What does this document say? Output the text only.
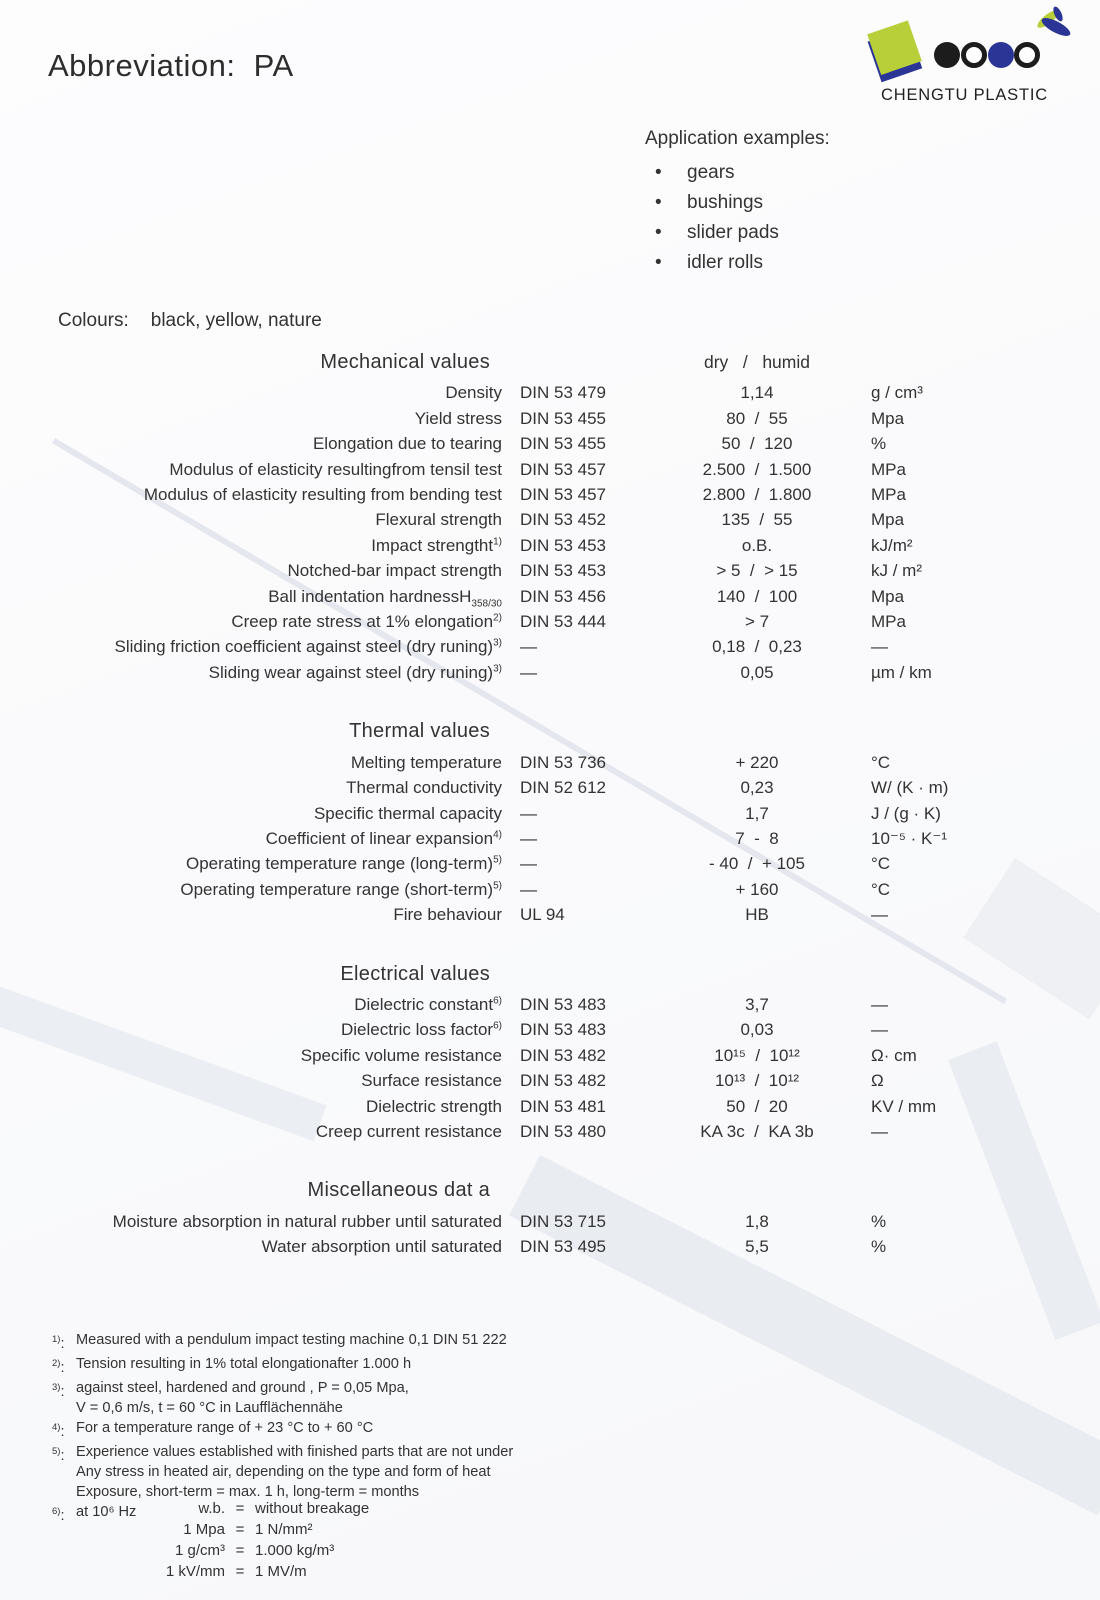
Abbreviation:  PA
CHENGTU PLASTIC

Application examples:

• gears
• bushings
• slider pads
• idler rolls
Colours: black, yellow, nature
Mechanical values	dry   /   humid
Density	DIN 53 479	1,14	g / cm³
Yield stress	DIN 53 455	80  /  55	Mpa
Elongation due to tearing	DIN 53 455	50  /  120	%
Modulus of elasticity resultingfrom tensil test	DIN 53 457	2.500  /  1.500	MPa
Modulus of elasticity resulting from bending test	DIN 53 457	2.800  /  1.800	MPa
Flexural strength	DIN 53 452	135  /  55	Mpa
Impact strengtht$^{1)}$	DIN 53 453	o.B.	kJ/m²
Notched-bar impact strength	DIN 53 453	> 5  /  > 15	kJ / m²
Ball indentation hardnessH$_{358/30}$	DIN 53 456	140  /  100	Mpa
Creep rate stress at 1% elongation$^{2)}$	DIN 53 444	> 7	MPa
Sliding friction coefficient against steel (dry runing)$^{3)}$	—	0,18  /  0,23	—
Sliding wear against steel (dry runing)$^{3)}$	—	0,05	µm / km
Thermal values
Melting temperature	DIN 53 736	+ 220	°C
Thermal conductivity	DIN 52 612	0,23	W/ (K · m)
Specific thermal capacity	—	1,7	J / (g · K)
Coefficient of linear expansion$^{4)}$	—	7  -  8	10⁻⁵ · K⁻¹
Operating temperature range (long-term)$^{5)}$	—	- 40  /  + 105	°C
Operating temperature range (short-term)$^{5)}$	—	+ 160	°C
Fire behaviour	UL 94	HB	—
Electrical values
Dielectric constant$^{6)}$	DIN 53 483	3,7	—
Dielectric loss factor$^{6)}$	DIN 53 483	0,03	—
Specific volume resistance	DIN 53 482	10¹⁵  /  10¹²	Ω· cm
Surface resistance	DIN 53 482	10¹³  /  10¹²	Ω
Dielectric strength	DIN 53 481	50  /  20	KV / mm
Creep current resistance	DIN 53 480	KA 3c  /  KA 3b	—
Miscellaneous dat a
Moisture absorption in natural rubber until saturated	DIN 53 715	1,8	%
Water absorption until saturated	DIN 53 495	5,5	%
$^{1)}$: Measured with a pendulum impact testing machine 0,1 DIN 51 222
$^{2)}$: Tension resulting in 1% total elongationafter 1.000 h
$^{3)}$: against steel, hardened and ground , P = 0,05 Mpa,
V = 0,6 m/s, t = 60 °C in Laufflächennähe
$^{4)}$: For a temperature range of + 23 °C to + 60 °C
$^{5)}$: Experience values established with finished parts that are not under
Any stress in heated air, depending on the type and form of heat
Exposure, short-term = max. 1 h, long-term = months
$^{6)}$: at 10⁶ Hz	w.b. = without breakage
1 Mpa = 1 N/mm²
1 g/cm³ = 1.000 kg/m³
1 kV/mm = 1 MV/m
